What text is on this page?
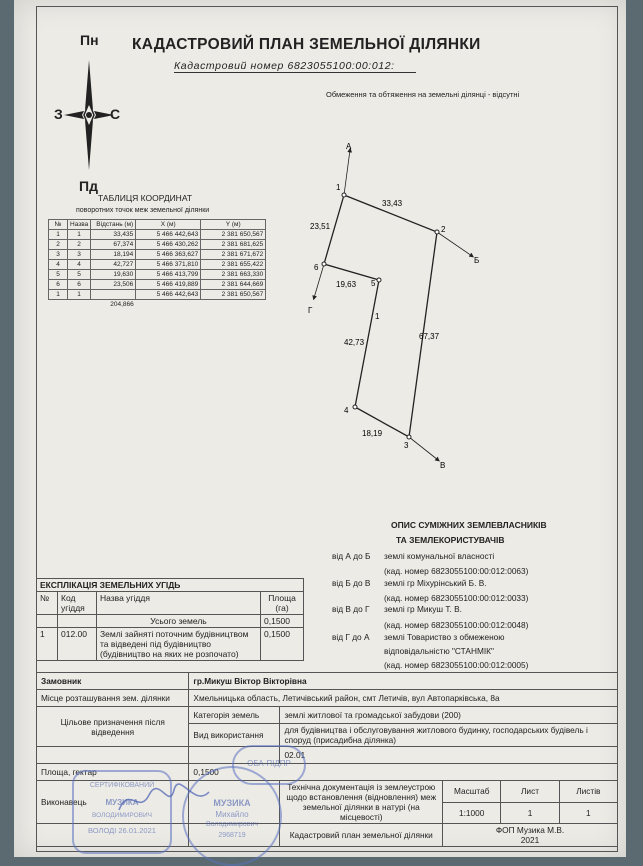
Пн
Пд
З	С
КАДАСТРОВИЙ ПЛАН ЗЕМЕЛЬНОЇ ДІЛЯНКИ
Кадастровий номер 6823055100:00:012:
Обмеження та обтяження на земельні ділянці - відсутні
ТАБЛИЦЯ КООРДИНАТ
поворотних точок меж земельної ділянки
№	Назва	Відстань (м)	X (м)	Y (м)
1	1	33,435	5 466 442,643	2 381 650,567
2	2	67,374	5 466 430,262	2 381 681,625
3	3	18,194	5 466 363,627	2 381 671,672
4	4	42,727	5 466 371,810	2 381 655,422
5	5	19,630	5 466 413,799	2 381 663,330
6	6	23,506	5 466 419,889	2 381 644,669
1	1		5 466 442,643	2 381 650,567
		204,866		
1
2
3
4
5
6
33,43
67,37
18,19
42,73
19,63
23,51
1
А
Б
В
Г
ОПИС СУМІЖНИХ ЗЕМЛЕВЛАСНИКІВ
ТА ЗЕМЛЕКОРИСТУВАЧІВ
від А до Б землі комунальної власності
(кад. номер 6823055100:00:012:0063)
від Б до В землі гр Міхурінський Б. В.
(кад. номер 6823055100:00:012:0033)
від В до Г землі гр Микуш Т. В.
(кад. номер 6823055100:00:012:0048)
від Г до А землі Товариство з обмеженою
відповідальністю "СТАНМІК"
(кад. номер 6823055100:00:012:0005)
ЕКСПЛІКАЦІЯ ЗЕМЕЛЬНИХ УГІДЬ			
№	Код угіддя	Назва угіддя	Площа (га)
		Усього земель	0,1500
1	012.00	Землі зайняті поточним будівництвом та відведені під будівництво (будівництво на яких не розпочато)	0,1500
Замовник	гр.Микуш Віктор Вікторівна				
Місце розташування зем. ділянки	Хмельницька область, Летичівський район, смт Летичів, вул Автопарківська, 8а				
Цільове призначення після відведення	Категорія земель	землі житлової та громадської забудови (200)			
	Вид використання	для будівництва і обслуговування житлового будинку, господарських будівель і споруд (присадибна ділянка)			
		02.01			
Площа, гектар	0,1500				
Виконавець		Технічна документація із землеустрою щодо встановлення (відновлення) меж земельної ділянки в натурі (на місцевості)	Масштаб	Лист	Листів
			1:1000	1	1
		Кадастровий план земельної ділянки	ФОП Музика М.В.
2021		
МУЗИКА
Михайло
Володимирович
2968719
СЕРТИФІКОВАНИЙ
МУЗИКА
ВОЛОДИМИРОВИЧ
ВОЛОДІ 26.01.2021
ОБА-ПІДПР
